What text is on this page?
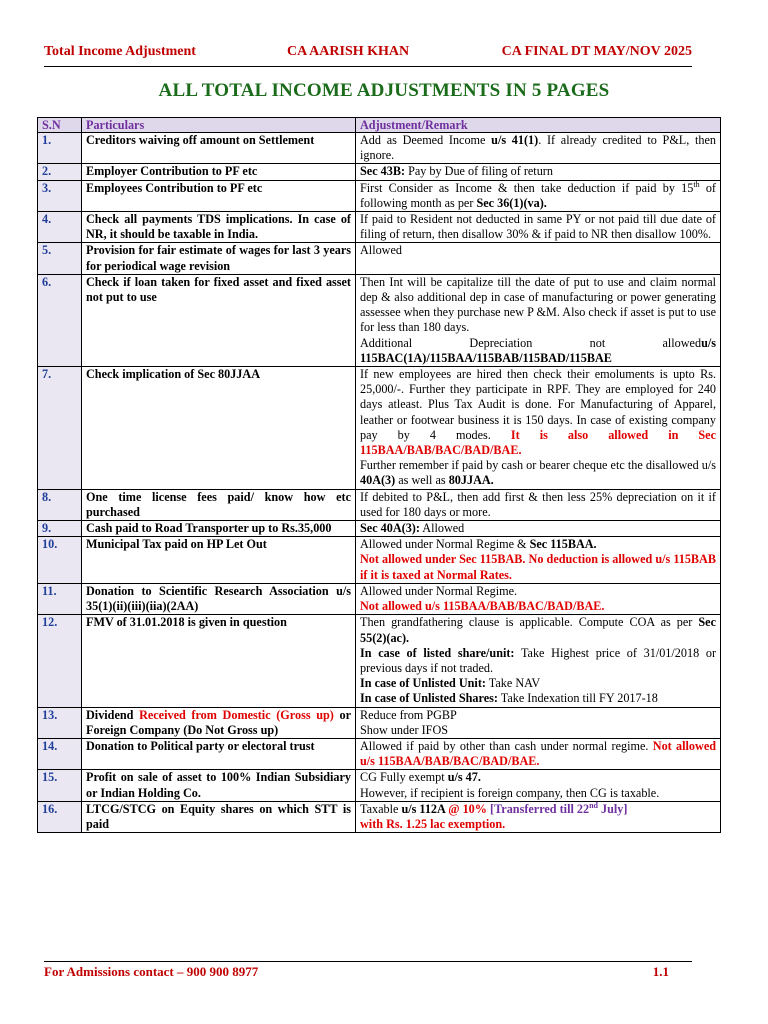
Total Income Adjustment	CA AARISH KHAN	CA FINAL DT MAY/NOV 2025
ALL TOTAL INCOME ADJUSTMENTS IN 5 PAGES
S.N	Particulars	Adjustment/Remark
1.	Creditors waiving off amount on Settlement	Add as Deemed Income u/s 41(1). If already credited to P&L, then ignore.
2.	Employer Contribution to PF etc	Sec 43B: Pay by Due of filing of return
3.	Employees Contribution to PF etc	First Consider as Income & then take deduction if paid by 15th of following month as per Sec 36(1)(va).
4.	Check all payments TDS implications. In case of NR, it should be taxable in India.	If paid to Resident not deducted in same PY or not paid till due date of filing of return, then disallow 30% & if paid to NR then disallow 100%.
5.	Provision for fair estimate of wages for last 3 years for periodical wage revision	Allowed
6.	Check if loan taken for fixed asset and fixed asset not put to use	Then Int will be capitalize till the date of put to use and claim normal dep & also additional dep in case of manufacturing or power generating assessee when they purchase new P &M. Also check if asset is put to use for less than 180 days.
Additional Depreciation not allowed u/s
115BAC(1A)/115BAA/115BAB/115BAD/115BAE

7.	Check implication of Sec 80JJAA	If new employees are hired then check their emoluments is upto Rs. 25,000/-. Further they participate in RPF. They are employed for 240 days atleast. Plus Tax Audit is done. For Manufacturing of Apparel, leather or footwear business it is 150 days. In case of existing company pay by 4 modes. It is also allowed in Sec 115BAA/BAB/BAC/BAD/BAE.
Further remember if paid by cash or bearer cheque etc the disallowed u/s 40A(3) as well as 80JJAA.

8.	One time license fees paid/ know how etc purchased	If debited to P&L, then add first & then less 25% depreciation on it if used for 180 days or more.
9.	Cash paid to Road Transporter up to Rs.35,000	Sec 40A(3): Allowed
10.	Municipal Tax paid on HP Let Out	Allowed under Normal Regime & Sec 115BAA.
Not allowed under Sec 115BAB. No deduction is allowed u/s 115BAB if it is taxed at Normal Rates.

11.	Donation to Scientific Research Association u/s 35(1)(ii)(iii)(iia)(2AA)	Allowed under Normal Regime.
Not allowed u/s 115BAA/BAB/BAC/BAD/BAE.

12.	FMV of 31.01.2018 is given in question	Then grandfathering clause is applicable. Compute COA as per Sec 55(2)(ac).
In case of listed share/unit: Take Highest price of 31/01/2018 or previous days if not traded.
In case of Unlisted Unit: Take NAV
In case of Unlisted Shares: Take Indexation till FY 2017-18

13.	Dividend Received from Domestic (Gross up) or Foreign Company (Do Not Gross up)	Reduce from PGBP
Show under IFOS

14.	Donation to Political party or electoral trust	Allowed if paid by other than cash under normal regime. Not allowed u/s 115BAA/BAB/BAC/BAD/BAE.
15.	Profit on sale of asset to 100% Indian Subsidiary or Indian Holding Co.	CG Fully exempt u/s 47.
However, if recipient is foreign company, then CG is taxable.

16.	LTCG/STCG on Equity shares on which STT is paid	Taxable u/s 112A @ 10% [Transferred till 22nd July]
with Rs. 1.25 lac exemption.
For Admissions contact – 900 900 8977	1.1
